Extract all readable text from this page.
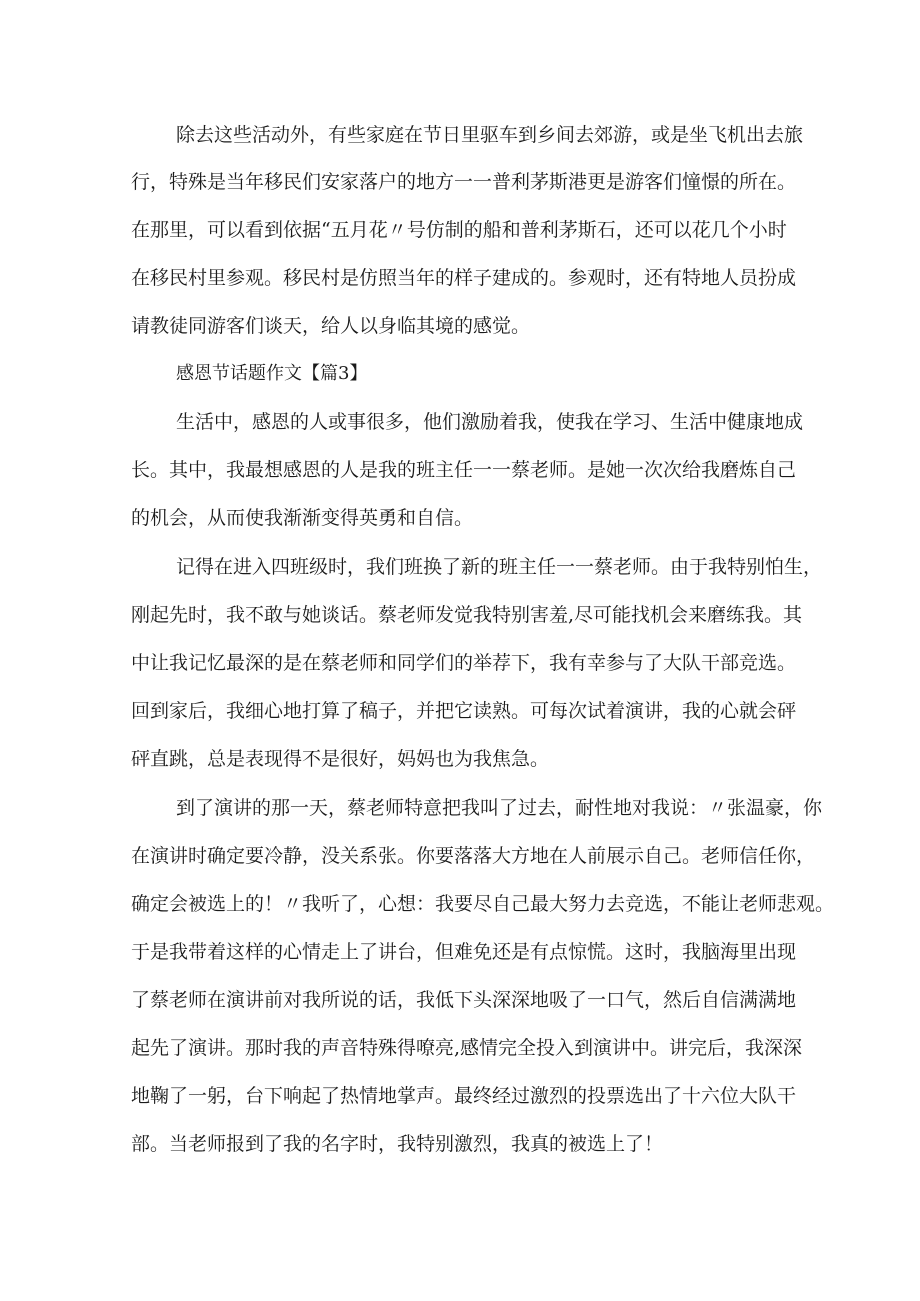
除去这些活动外，有些家庭在节日里驱车到乡间去郊游，或是坐飞机出去旅
行，特殊是当年移民们安家落户的地方一一普利茅斯港更是游客们憧憬的所在。
在那里，可以看到依据“五月花〃号仿制的船和普利茅斯石，还可以花几个小时
在移民村里参观。移民村是仿照当年的样子建成的。参观时，还有特地人员扮成
请教徒同游客们谈天，给人以身临其境的感觉。
感恩节话题作文【篇3】
生活中，感恩的人或事很多，他们激励着我，使我在学习、生活中健康地成
长。其中，我最想感恩的人是我的班主任一一蔡老师。是她一次次给我磨炼自己
的机会，从而使我渐渐变得英勇和自信。
记得在进入四班级时，我们班换了新的班主任一一蔡老师。由于我特别怕生，
刚起先时，我不敢与她谈话。蔡老师发觉我特别害羞,尽可能找机会来磨练我。其
中让我记忆最深的是在蔡老师和同学们的举荐下，我有幸参与了大队干部竞选。
回到家后，我细心地打算了稿子，并把它读熟。可每次试着演讲，我的心就会砰
砰直跳，总是表现得不是很好，妈妈也为我焦急。
到了演讲的那一天，蔡老师特意把我叫了过去，耐性地对我说：〃张温豪，你
在演讲时确定要冷静，没关系张。你要落落大方地在人前展示自己。老师信任你，
确定会被选上的！〃我听了，心想：我要尽自己最大努力去竞选，不能让老师悲观。
于是我带着这样的心情走上了讲台，但难免还是有点惊慌。这时，我脑海里出现
了蔡老师在演讲前对我所说的话，我低下头深深地吸了一口气，然后自信满满地
起先了演讲。那时我的声音特殊得嘹亮,感情完全投入到演讲中。讲完后，我深深
地鞠了一躬，台下响起了热情地掌声。最终经过激烈的投票选出了十六位大队干
部。当老师报到了我的名字时，我特别激烈，我真的被选上了！
